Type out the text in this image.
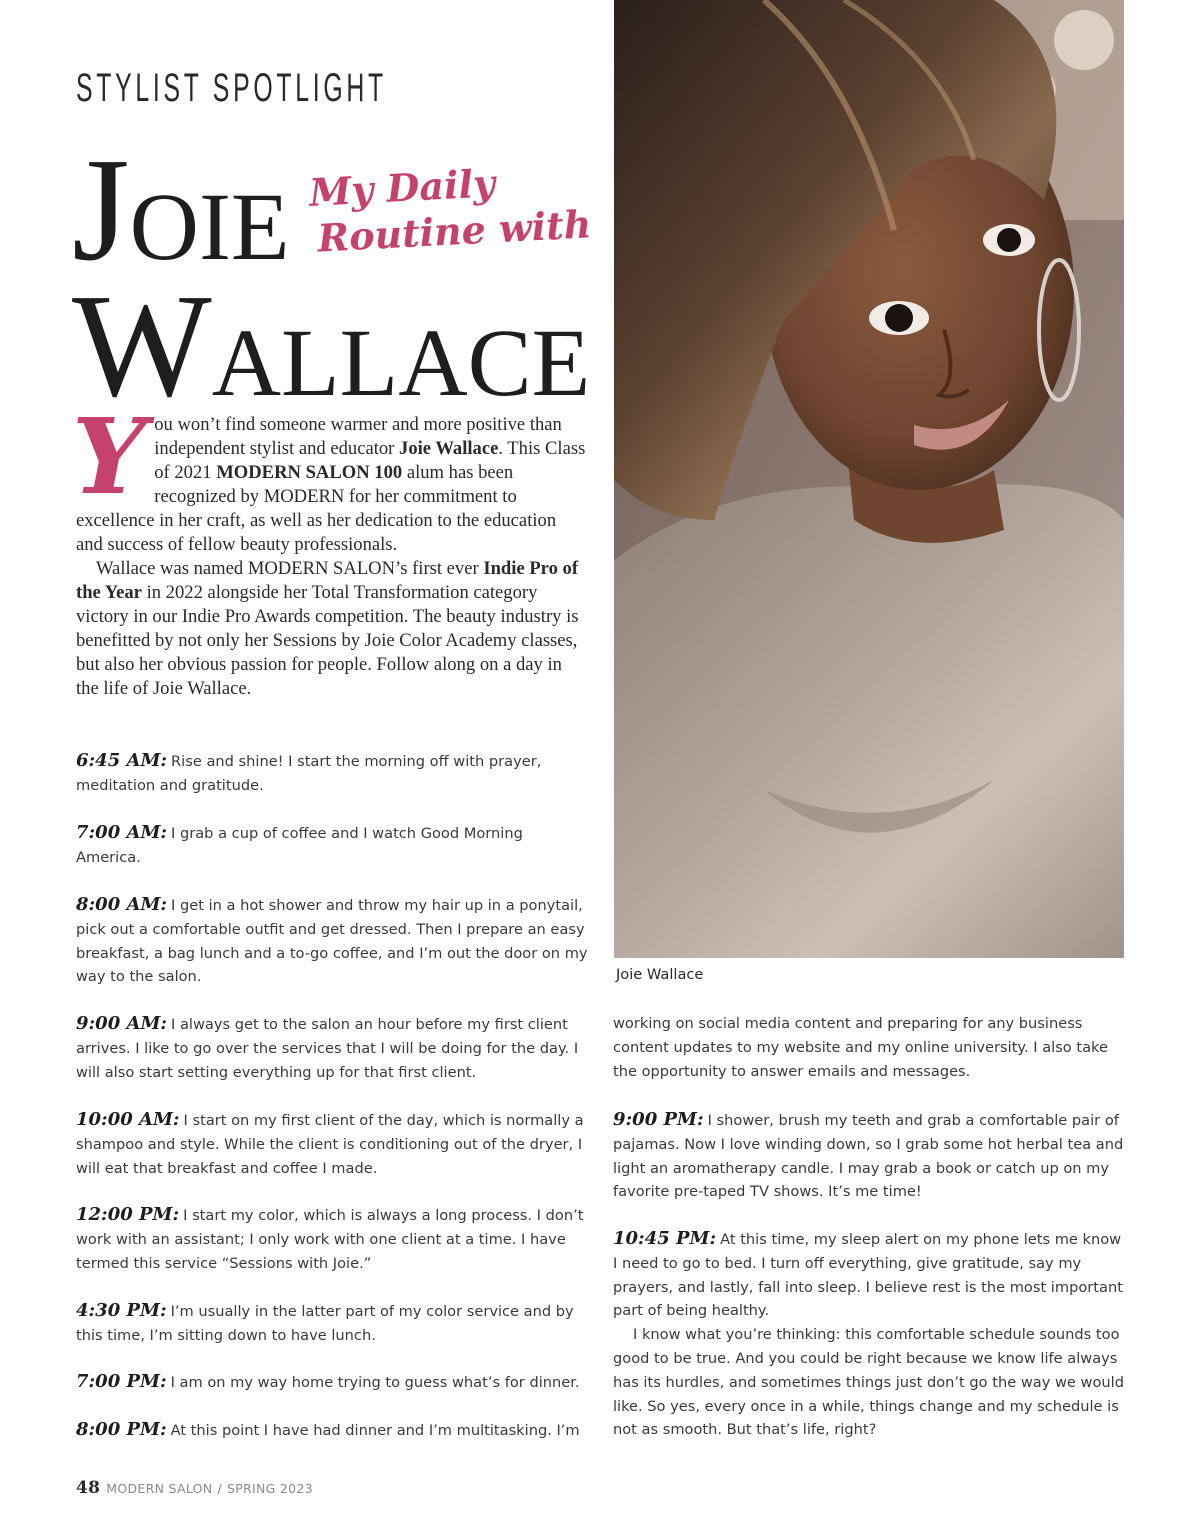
STYLIST SPOTLIGHT
JOIE
WALLACE
My Daily
Routine with

You won’t find someone warmer and more positive than independent stylist and educator Joie Wallace. This Class of 2021 MODERN SALON 100 alum has been recognized by MODERN for her commitment to excellence in her craft, as well as her dedication to the education and success of fellow beauty professionals.

Wallace was named MODERN SALON’s first ever Indie Pro of the Year in 2022 alongside her Total Transformation category victory in our Indie Pro Awards competition. The beauty industry is benefitted by not only her Sessions by Joie Color Academy classes, but also her obvious passion for people. Follow along on a day in the life of Joie Wallace.

6:45 AM: Rise and shine! I start the morning off with prayer, meditation and gratitude.

7:00 AM: I grab a cup of coffee and I watch Good Morning America.

8:00 AM: I get in a hot shower and throw my hair up in a ponytail, pick out a comfortable outfit and get dressed. Then I prepare an easy breakfast, a bag lunch and a to-go coffee, and I’m out the door on my way to the salon.

9:00 AM: I always get to the salon an hour before my first client arrives. I like to go over the services that I will be doing for the day. I will also start setting everything up for that first client.

10:00 AM: I start on my first client of the day, which is normally a shampoo and style. While the client is conditioning out of the dryer, I will eat that breakfast and coffee I made.

12:00 PM: I start my color, which is always a long process. I don’t work with an assistant; I only work with one client at a time. I have termed this service “Sessions with Joie.”

4:30 PM: I’m usually in the latter part of my color service and by this time, I’m sitting down to have lunch.

7:00 PM: I am on my way home trying to guess what’s for dinner.

8:00 PM: At this point I have had dinner and I’m multitasking. I’m

Joie Wallace

working on social media content and preparing for any business content updates to my website and my online university. I also take the opportunity to answer emails and messages.

9:00 PM: I shower, brush my teeth and grab a comfortable pair of pajamas. Now I love winding down, so I grab some hot herbal tea and light an aromatherapy candle. I may grab a book or catch up on my favorite pre-taped TV shows. It’s me time!

10:45 PM: At this time, my sleep alert on my phone lets me know I need to go to bed. I turn off everything, give gratitude, say my prayers, and lastly, fall into sleep. I believe rest is the most important part of being healthy.

I know what you’re thinking: this comfortable schedule sounds too good to be true. And you could be right because we know life always has its hurdles, and sometimes things just don’t go the way we would like. So yes, every once in a while, things change and my schedule is not as smooth. But that’s life, right?

48 MODERN SALON / SPRING 2023
